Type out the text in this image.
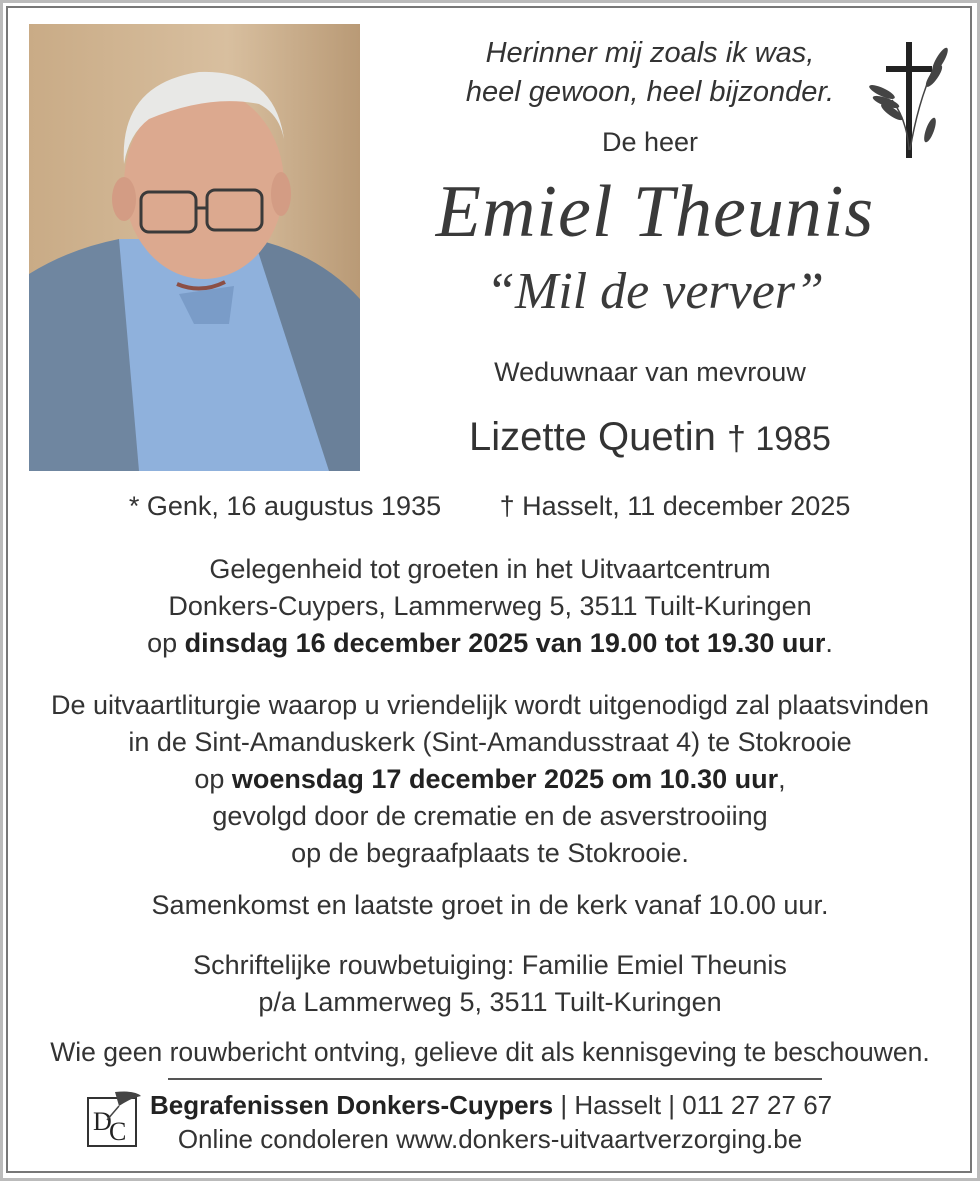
Herinner mij zoals ik was,
heel gewoon, heel bijzonder.
De heer
Emiel Theunis
“Mil de verver”
Weduwnaar van mevrouw
Lizette Quetin † 1985
* Genk, 16 augustus 1935	† Hasselt, 11 december 2025
Gelegenheid tot groeten in het Uitvaartcentrum
Donkers-Cuypers, Lammerweg 5, 3511 Tuilt-Kuringen
op dinsdag 16 december 2025 van 19.00 tot 19.30 uur.
De uitvaartliturgie waarop u vriendelijk wordt uitgenodigd zal plaatsvinden
in de Sint-Amanduskerk (Sint-Amandusstraat 4) te Stokrooie
op woensdag 17 december 2025 om 10.30 uur,
gevolgd door de crematie en de asverstrooiing
op de begraafplaats te Stokrooie.
Samenkomst en laatste groet in de kerk vanaf 10.00 uur.
Schriftelijke rouwbetuiging: Familie Emiel Theunis
p/a Lammerweg 5, 3511 Tuilt-Kuringen
Wie geen rouwbericht ontving, gelieve dit als kennisgeving te beschouwen.
D
C
Begrafenissen Donkers-Cuypers | Hasselt | 011 27 27 67
Online condoleren www.donkers-uitvaartverzorging.be
